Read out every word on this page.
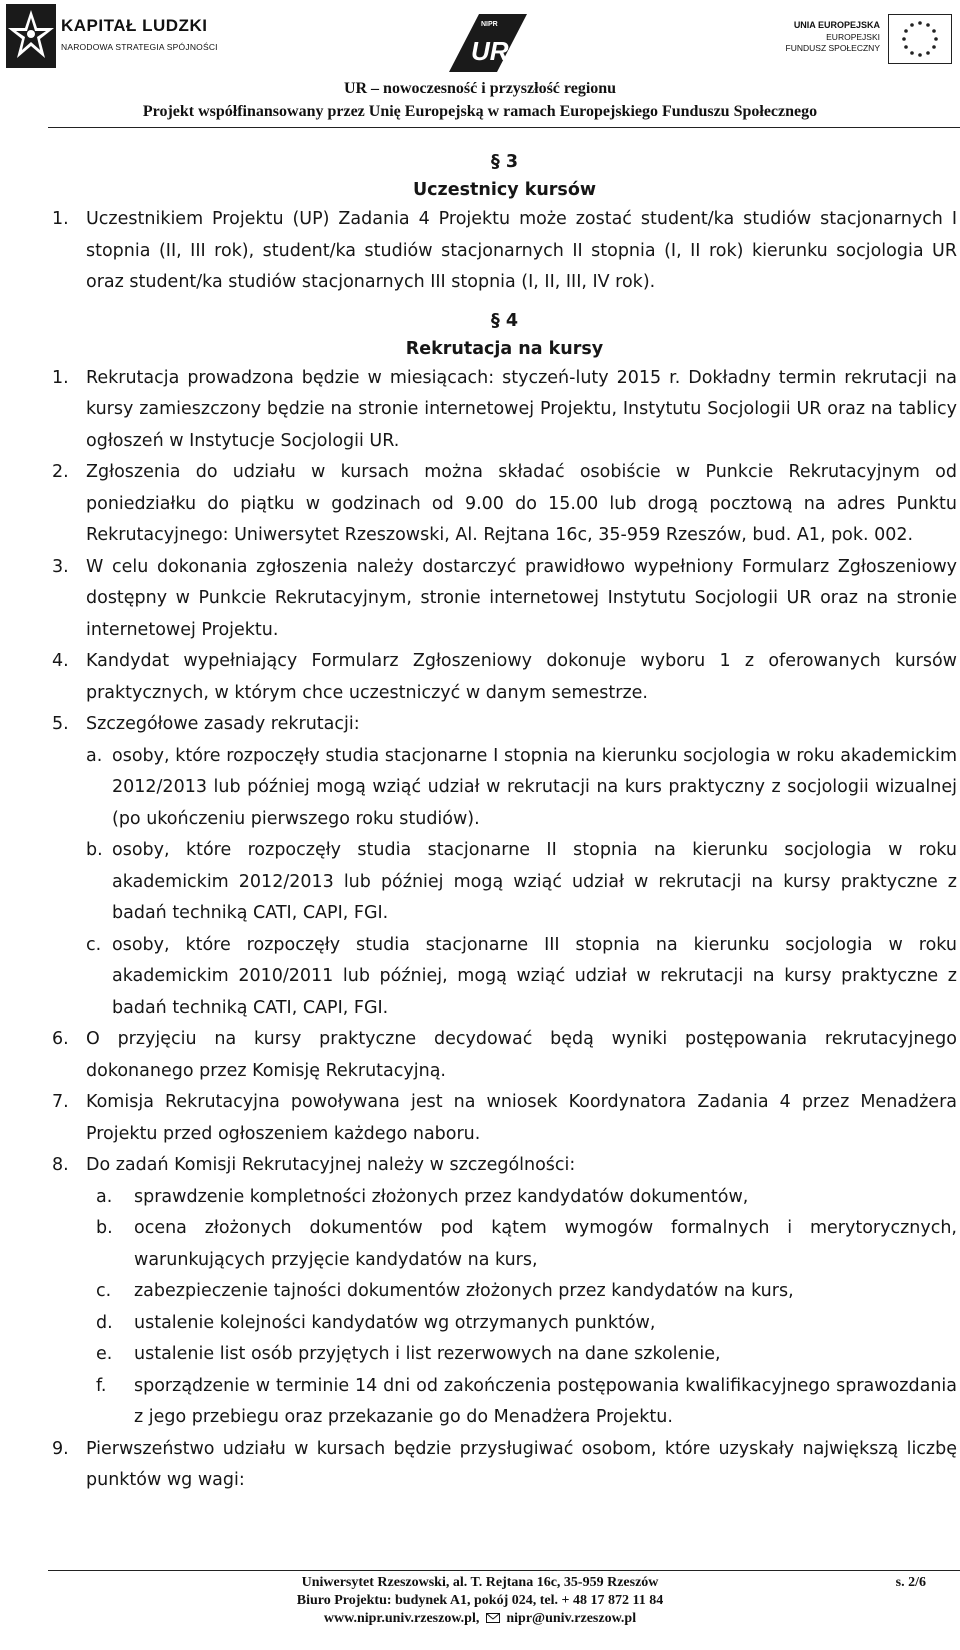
KAPITAŁ LUDZKI
NARODOWA STRATEGIA SPÓJNOŚCI
NIPR
UR
UNIA EUROPEJSKA
EUROPEJSKI
FUNDUSZ SPOŁECZNY
UR – nowoczesność i przyszłość regionu
Projekt współfinansowany przez Unię Europejską w ramach Europejskiego Funduszu Społecznego
§ 3
Uczestnicy kursów
1. Uczestnikiem Projektu (UP) Zadania 4 Projektu może zostać student/ka studiów stacjonarnych I stopnia (II, III rok), student/ka studiów stacjonarnych II stopnia (I, II rok) kierunku socjologia UR oraz student/ka studiów stacjonarnych III stopnia (I, II, III, IV rok).
§ 4
Rekrutacja na kursy
1. Rekrutacja prowadzona będzie w miesiącach: styczeń-luty 2015 r. Dokładny termin rekrutacji na kursy zamieszczony będzie na stronie internetowej Projektu, Instytutu Socjologii UR oraz na tablicy ogłoszeń w Instytucje Socjologii UR.
2. Zgłoszenia do udziału w kursach można składać osobiście w Punkcie Rekrutacyjnym od poniedziałku do piątku w godzinach od 9.00 do 15.00 lub drogą pocztową na adres Punktu Rekrutacyjnego: Uniwersytet Rzeszowski, Al. Rejtana 16c, 35-959 Rzeszów, bud. A1, pok. 002.
3. W celu dokonania zgłoszenia należy dostarczyć prawidłowo wypełniony Formularz Zgłoszeniowy dostępny w Punkcie Rekrutacyjnym, stronie internetowej Instytutu Socjologii UR oraz na stronie internetowej Projektu.
4. Kandydat wypełniający Formularz Zgłoszeniowy dokonuje wyboru 1 z oferowanych kursów praktycznych, w którym chce uczestniczyć w danym semestrze.
5. Szczegółowe zasady rekrutacji:
a. osoby, które rozpoczęły studia stacjonarne I stopnia na kierunku socjologia w roku akademickim 2012/2013 lub później mogą wziąć udział w rekrutacji na kurs praktyczny z socjologii wizualnej (po ukończeniu pierwszego roku studiów).
b. osoby, które rozpoczęły studia stacjonarne II stopnia na kierunku socjologia w roku akademickim 2012/2013 lub później mogą wziąć udział w rekrutacji na kursy praktyczne z badań techniką CATI, CAPI, FGI.
c. osoby, które rozpoczęły studia stacjonarne III stopnia na kierunku socjologia w roku akademickim 2010/2011 lub później, mogą wziąć udział w rekrutacji na kursy praktyczne z badań techniką CATI, CAPI, FGI.
6. O przyjęciu na kursy praktyczne decydować będą wyniki postępowania rekrutacyjnego dokonanego przez Komisję Rekrutacyjną.
7. Komisja Rekrutacyjna powoływana jest na wniosek Koordynatora Zadania 4 przez Menadżera Projektu przed ogłoszeniem każdego naboru.
8. Do zadań Komisji Rekrutacyjnej należy w szczególności:
a.	sprawdzenie kompletności złożonych przez kandydatów dokumentów,
b.	ocena złożonych dokumentów pod kątem wymogów formalnych i merytorycznych, warunkujących przyjęcie kandydatów na kurs,
c.	zabezpieczenie tajności dokumentów złożonych przez kandydatów na kurs,
d.	ustalenie kolejności kandydatów wg otrzymanych punktów,
e.	ustalenie list osób przyjętych i list rezerwowych na dane szkolenie,
f.	sporządzenie w terminie 14 dni od zakończenia postępowania kwalifikacyjnego sprawozdania z jego przebiegu oraz przekazanie go do Menadżera Projektu.
9. Pierwszeństwo udziału w kursach będzie przysługiwać osobom, które uzyskały największą liczbę punktów wg wagi:
Uniwersytet Rzeszowski, al. T. Rejtana 16c, 35-959 Rzeszów
Biuro Projektu: budynek A1, pokój 024, tel. + 48 17 872 11 84
www.nipr.univ.rzeszow.pl, nipr@univ.rzeszow.pl
s. 2/6
